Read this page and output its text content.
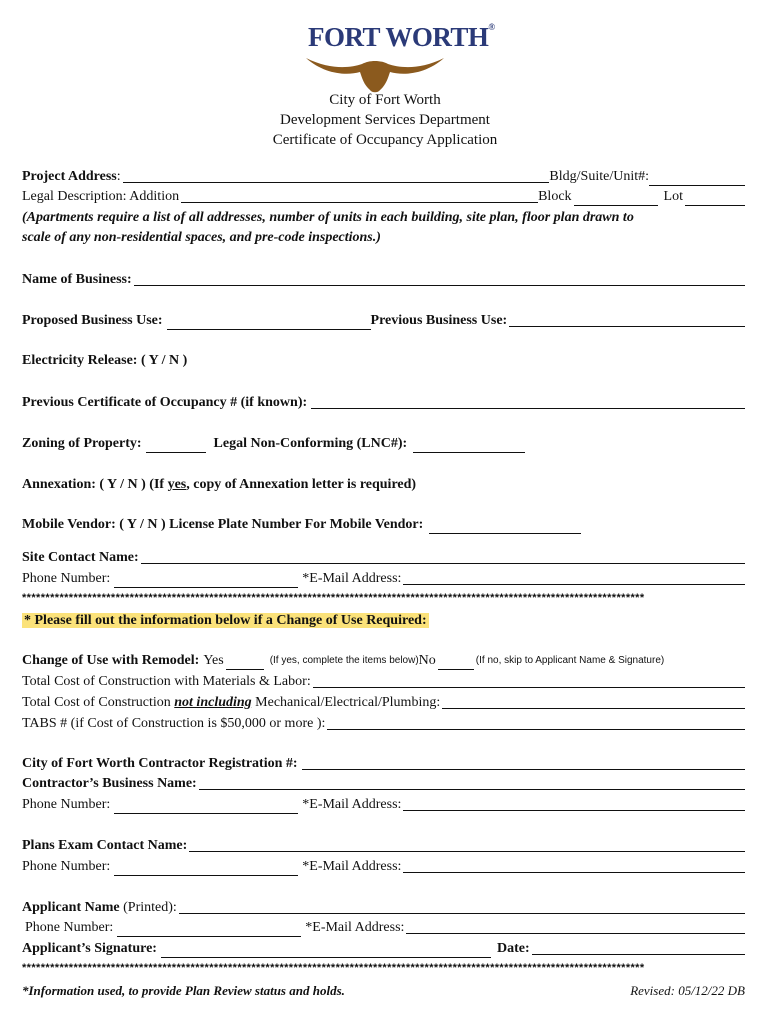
FORT WORTH®
City of Fort Worth
Development Services Department
Certificate of Occupancy Application
Project Address :	Bldg/Suite/Unit#:
Legal Description: Addition	Block	Lot
(Apartments require a list of all addresses, number of units in each building, site plan, floor plan drawn to
scale of any non-residential spaces, and pre-code inspections.)
Name of Business:
Proposed Business Use:	Previous Business Use:
Electricity Release: ( Y / N )
Previous Certificate of Occupancy # (if known):
Zoning of Property:	Legal Non-Conforming (LNC#):
Annexation: ( Y / N ) (If yes, copy of Annexation letter is required)
Mobile Vendor: ( Y / N ) License Plate Number For Mobile Vendor:
Site Contact Name:
Phone Number:	*E-Mail Address:
*************************************************************************************************************************************
* Please fill out the information below if a Change of Use Required:
Change of Use with Remodel: Yes	(If yes, complete the items below) No	(If no, skip to Applicant Name & Signature)
Total Cost of Construction with Materials & Labor:
Total Cost of Construction
not including
Mechanical/Electrical/Plumbing:
TABS # (if Cost of Construction is $50,000 or more ):
City of Fort Worth Contractor Registration #:
Contractor’s Business Name:
Phone Number:	*E-Mail Address:
Plans Exam Contact Name:
Phone Number:	*E-Mail Address:
Applicant Name
(Printed):
Phone Number:	*E-Mail Address:
Applicant’s Signature:	Date:
*************************************************************************************************************************************
*Information used, to provide Plan Review status and holds.	Revised: 05/12/22 DB
